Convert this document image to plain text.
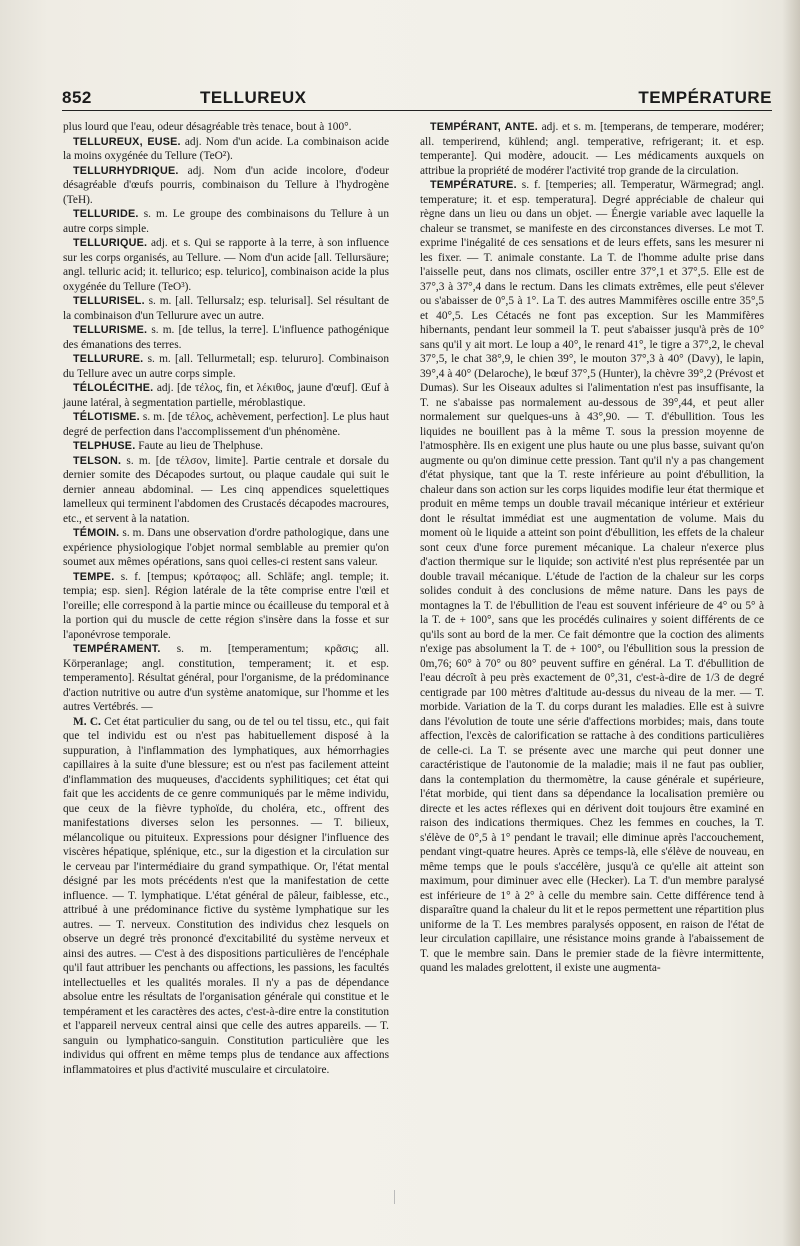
852	TELLUREUX	TEMPÉRATURE

plus lourd que l'eau, odeur désagréable très tenace, bout à 100°.

TELLUREUX, EUSE. adj. Nom d'un acide. La combinaison acide la moins oxygénée du Tellure (TeO²).

TELLURHYDRIQUE. adj. Nom d'un acide incolore, d'odeur désagréable d'œufs pourris, combinaison du Tellure à l'hydrogène (TeH).

TELLURIDE. s. m. Le groupe des combinaisons du Tellure à un autre corps simple.

TELLURIQUE. adj. et s. Qui se rapporte à la terre, à son influence sur les corps organisés, au Tellure. — Nom d'un acide [all. Tellursäure; angl. telluric acid; it. tellurico; esp. telurico], combinaison acide la plus oxygénée du Tellure (TeO³).

TELLURISEL. s. m. [all. Tellursalz; esp. telurisal]. Sel résultant de la combinaison d'un Tellurure avec un autre.

TELLURISME. s. m. [de tellus, la terre]. L'influence pathogénique des émanations des terres.

TELLURURE. s. m. [all. Tellurmetall; esp. telururo]. Combinaison du Tellure avec un autre corps simple.

TÉLOLÉCITHE. adj. [de τέλος, fin, et λέκιθος, jaune d'œuf]. Œuf à jaune latéral, à segmentation partielle, méroblastique.

TÉLOTISME. s. m. [de τέλος, achèvement, perfection]. Le plus haut degré de perfection dans l'accomplissement d'un phénomène.

TELPHUSE. Faute au lieu de Thelphuse.

TELSON. s. m. [de τέλσον, limite]. Partie centrale et dorsale du dernier somite des Décapodes surtout, ou plaque caudale qui suit le dernier anneau abdominal. — Les cinq appendices squelettiques lamelleux qui terminent l'abdomen des Crustacés décapodes macroures, etc., et servent à la natation.

TÉMOIN. s. m. Dans une observation d'ordre pathologique, dans une expérience physiologique l'objet normal semblable au premier qu'on soumet aux mêmes opérations, sans quoi celles-ci restent sans valeur.

TEMPE. s. f. [tempus; κρόταφος; all. Schläfe; angl. temple; it. tempia; esp. sien]. Région latérale de la tête comprise entre l'œil et l'oreille; elle correspond à la partie mince ou écailleuse du temporal et à la portion qui du muscle de cette région s'insère dans la fosse et sur l'aponévrose temporale.

TEMPÉRAMENT. s. m. [temperamentum; κρᾶσις; all. Körperanlage; angl. constitution, temperament; it. et esp. temperamento]. Résultat général, pour l'organisme, de la prédominance d'action nutritive ou autre d'un système anatomique, sur l'homme et les autres Vertébrés. —

M. C. Cet état particulier du sang, ou de tel ou tel tissu, etc., qui fait que tel individu est ou n'est pas habituellement disposé à la suppuration, à l'inflammation des lymphatiques, aux hémorrhagies capillaires à la suite d'une blessure; est ou n'est pas facilement atteint d'inflammation des muqueuses, d'accidents syphilitiques; cet état qui fait que les accidents de ce genre communiqués par le même individu, que ceux de la fièvre typhoïde, du choléra, etc., offrent des manifestations diverses selon les personnes. — T. bilieux, mélancolique ou pituiteux. Expressions pour désigner l'influence des viscères hépatique, splénique, etc., sur la digestion et la circulation sur le cerveau par l'intermédiaire du grand sympathique. Or, l'état mental désigné par les mots précédents n'est que la manifestation de cette influence. — T. lymphatique. L'état général de pâleur, faiblesse, etc., attribué à une prédominance fictive du système lymphatique sur les autres. — T. nerveux. Constitution des individus chez lesquels on observe un degré très prononcé d'excitabilité du système nerveux et ainsi des autres. — C'est à des dispositions particulières de l'encéphale qu'il faut attribuer les penchants ou affections, les passions, les facultés intellectuelles et les qualités morales. Il n'y a pas de dépendance absolue entre les résultats de l'organisation générale qui constitue et le tempérament et les caractères des actes, c'est-à-dire entre la constitution et l'appareil nerveux central ainsi que celle des autres appareils. — T. sanguin ou lymphatico-sanguin. Constitution particulière que les individus qui offrent en même temps plus de tendance aux affections inflammatoires et plus d'activité musculaire et circulatoire.

TEMPÉRANT, ANTE. adj. et s. m. [temperans, de temperare, modérer; all. temperirend, kühlend; angl. temperative, refrigerant; it. et esp. temperante]. Qui modère, adoucit. — Les médicaments auxquels on attribue la propriété de modérer l'activité trop grande de la circulation.

TEMPÉRATURE. s. f. [temperies; all. Temperatur, Wärmegrad; angl. temperature; it. et esp. temperatura]. Degré appréciable de chaleur qui règne dans un lieu ou dans un objet. — Énergie variable avec laquelle la chaleur se transmet, se manifeste en des circonstances diverses. Le mot T. exprime l'inégalité de ces sensations et de leurs effets, sans les mesurer ni les fixer. — T. animale constante. La T. de l'homme adulte prise dans l'aisselle peut, dans nos climats, osciller entre 37°,1 et 37°,5. Elle est de 37°,3 à 37°,4 dans le rectum. Dans les climats extrêmes, elle peut s'élever ou s'abaisser de 0°,5 à 1°. La T. des autres Mammifères oscille entre 35°,5 et 40°,5. Les Cétacés ne font pas exception. Sur les Mammifères hibernants, pendant leur sommeil la T. peut s'abaisser jusqu'à près de 10° sans qu'il y ait mort. Le loup a 40°, le renard 41°, le tigre a 37°,2, le cheval 37°,5, le chat 38°,9, le chien 39°, le mouton 37°,3 à 40° (Davy), le lapin, 39°,4 à 40° (Delaroche), le bœuf 37°,5 (Hunter), la chèvre 39°,2 (Prévost et Dumas). Sur les Oiseaux adultes si l'alimentation n'est pas insuffisante, la T. ne s'abaisse pas normalement au-dessous de 39°,44, et peut aller normalement sur quelques-uns à 43°,90. — T. d'ébullition. Tous les liquides ne bouillent pas à la même T. sous la pression moyenne de l'atmosphère. Ils en exigent une plus haute ou une plus basse, suivant qu'on augmente ou qu'on diminue cette pression. Tant qu'il n'y a pas changement d'état physique, tant que la T. reste inférieure au point d'ébullition, la chaleur dans son action sur les corps liquides modifie leur état thermique et produit en même temps un double travail mécanique intérieur et extérieur dont le résultat immédiat est une augmentation de volume. Mais du moment où le liquide a atteint son point d'ébullition, les effets de la chaleur sont ceux d'une force purement mécanique. La chaleur n'exerce plus d'action thermique sur le liquide; son activité n'est plus représentée par un double travail mécanique. L'étude de l'action de la chaleur sur les corps solides conduit à des conclusions de même nature. Dans les pays de montagnes la T. de l'ébullition de l'eau est souvent inférieure de 4° ou 5° à la T. de + 100°, sans que les procédés culinaires y soient différents de ce qu'ils sont au bord de la mer. Ce fait démontre que la coction des aliments n'exige pas absolument la T. de + 100°, ou l'ébullition sous la pression de 0m,76; 60° à 70° ou 80° peuvent suffire en général. La T. d'ébullition de l'eau décroît à peu près exactement de 0°,31, c'est-à-dire de 1/3 de degré centigrade par 100 mètres d'altitude au-dessus du niveau de la mer. — T. morbide. Variation de la T. du corps durant les maladies. Elle est à suivre dans l'évolution de toute une série d'affections morbides; mais, dans toute affection, l'excès de calorification se rattache à des conditions particulières de celle-ci. La T. se présente avec une marche qui peut donner une caractéristique de l'autonomie de la maladie; mais il ne faut pas oublier, dans la contemplation du thermomètre, la cause générale et supérieure, l'état morbide, qui tient dans sa dépendance la localisation première ou directe et les actes réflexes qui en dérivent doit toujours être examiné en raison des indications thermiques. Chez les femmes en couches, la T. s'élève de 0°,5 à 1° pendant le travail; elle diminue après l'accouchement, pendant vingt-quatre heures. Après ce temps-là, elle s'élève de nouveau, en même temps que le pouls s'accélère, jusqu'à ce qu'elle ait atteint son maximum, pour diminuer avec elle (Hecker). La T. d'un membre paralysé est inférieure de 1° à 2° à celle du membre sain. Cette différence tend à disparaître quand la chaleur du lit et le repos permettent une répartition plus uniforme de la T. Les membres paralysés opposent, en raison de l'état de leur circulation capillaire, une résistance moins grande à l'abaissement de T. que le membre sain. Dans le premier stade de la fièvre intermittente, quand les malades grelottent, il existe une augmenta-
